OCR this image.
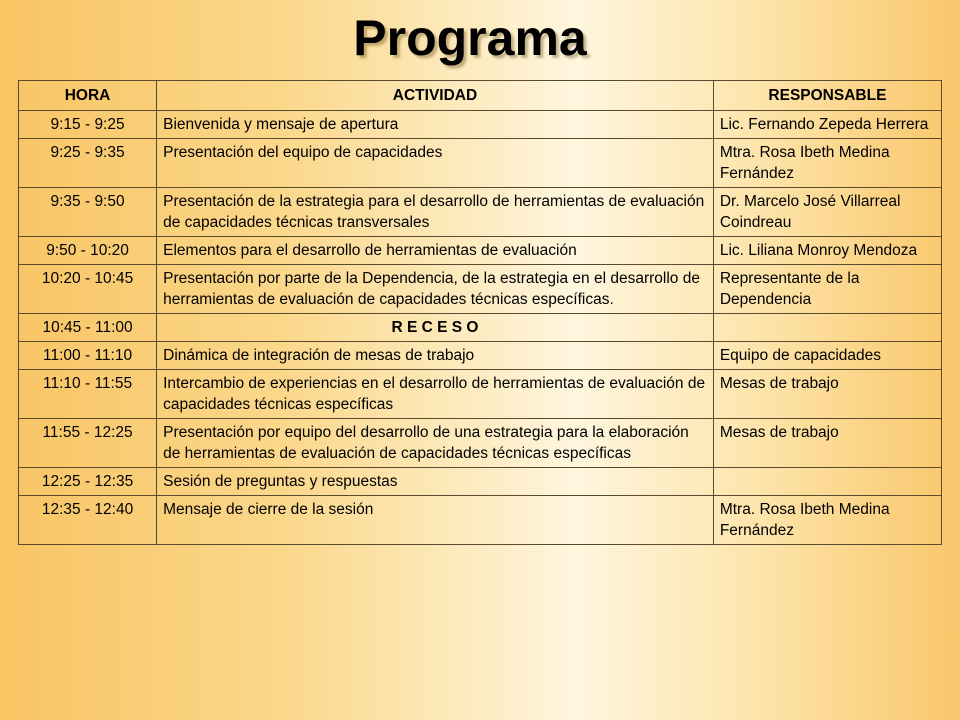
Programa
HORA	ACTIVIDAD	RESPONSABLE
9:15 - 9:25	Bienvenida y mensaje de apertura	Lic. Fernando Zepeda Herrera
9:25 - 9:35	Presentación del equipo de capacidades	Mtra. Rosa Ibeth Medina Fernández
9:35 - 9:50	Presentación de la estrategia para el desarrollo de herramientas de evaluación de capacidades técnicas transversales	Dr. Marcelo José Villarreal Coindreau
9:50 - 10:20	Elementos para el desarrollo de herramientas de evaluación	Lic. Liliana Monroy Mendoza
10:20 - 10:45	Presentación por parte de la Dependencia, de la estrategia en el desarrollo de herramientas de evaluación de capacidades técnicas específicas.	Representante de la Dependencia
10:45 - 11:00	R E C E S O	
11:00 - 11:10	Dinámica de integración de mesas de trabajo	Equipo de capacidades
11:10 - 11:55	Intercambio de experiencias en el desarrollo de herramientas de evaluación de capacidades técnicas específicas	Mesas de trabajo
11:55 - 12:25	Presentación por equipo del desarrollo de una estrategia para la elaboración de herramientas de evaluación de capacidades técnicas específicas	Mesas de trabajo
12:25 - 12:35	Sesión de preguntas y respuestas	
12:35 - 12:40	Mensaje de cierre de la sesión	Mtra. Rosa Ibeth Medina Fernández
